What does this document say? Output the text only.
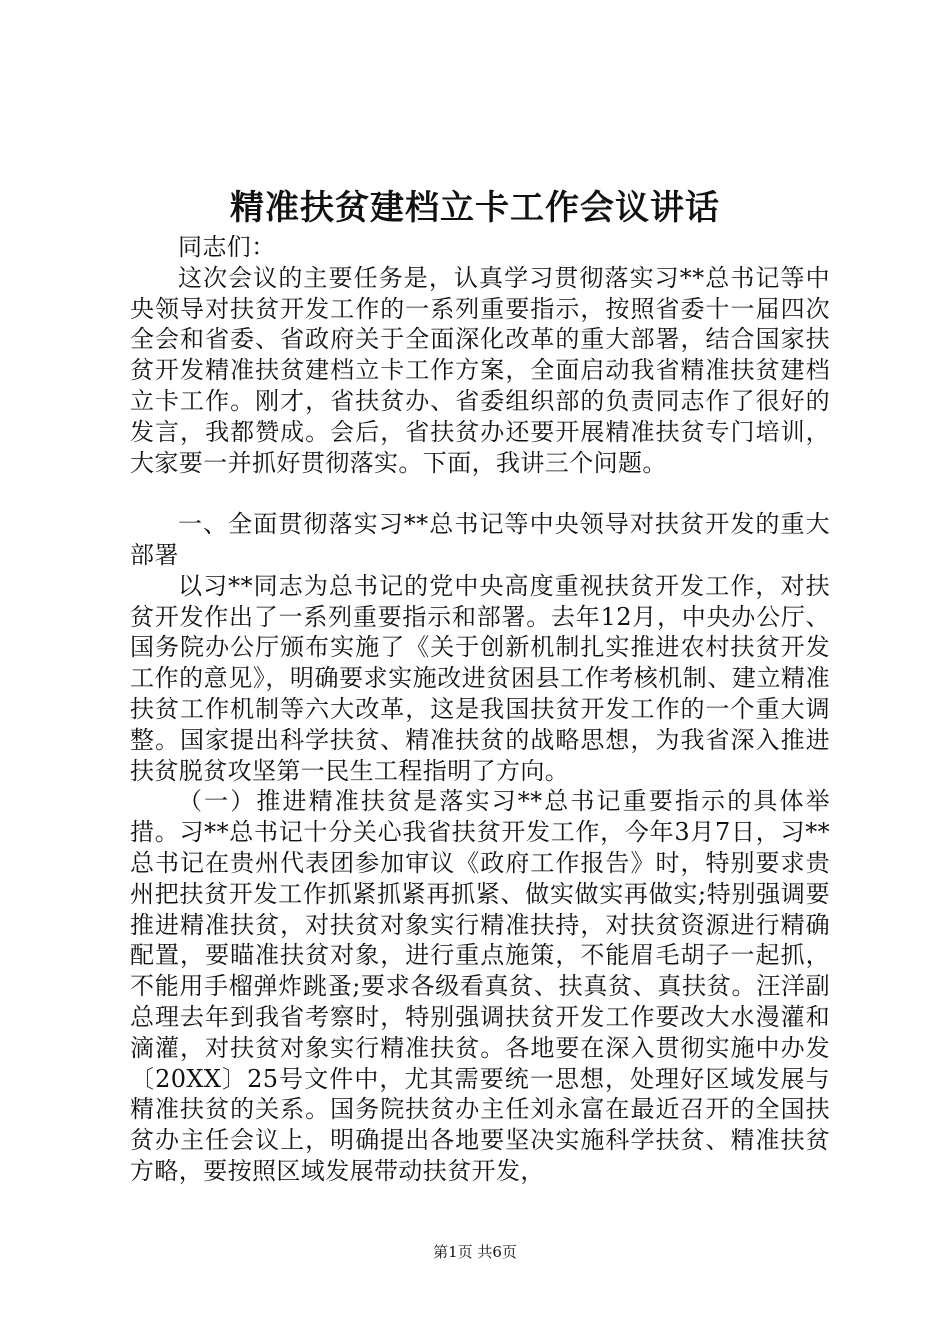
精准扶贫建档立卡工作会议讲话

同志们：

这次会议的主要任务是，认真学习贯彻落实习**总书记等中央领导对扶贫开发工作的一系列重要指示，按照省委十一届四次全会和省委、省政府关于全面深化改革的重大部署，结合国家扶贫开发精准扶贫建档立卡工作方案，全面启动我省精准扶贫建档立卡工作。刚才，省扶贫办、省委组织部的负责同志作了很好的发言，我都赞成。会后，省扶贫办还要开展精准扶贫专门培训，大家要一并抓好贯彻落实。下面，我讲三个问题。

一、全面贯彻落实习**总书记等中央领导对扶贫开发的重大部署

以习**同志为总书记的党中央高度重视扶贫开发工作，对扶贫开发作出了一系列重要指示和部署。去年12月，中央办公厅、国务院办公厅颁布实施了《关于创新机制扎实推进农村扶贫开发工作的意见》，明确要求实施改进贫困县工作考核机制、建立精准扶贫工作机制等六大改革，这是我国扶贫开发工作的一个重大调整。国家提出科学扶贫、精准扶贫的战略思想，为我省深入推进扶贫脱贫攻坚第一民生工程指明了方向。

（一）推进精准扶贫是落实习**总书记重要指示的具体举措。习**总书记十分关心我省扶贫开发工作，今年3月7日，习**总书记在贵州代表团参加审议《政府工作报告》时，特别要求贵州把扶贫开发工作抓紧抓紧再抓紧、做实做实再做实;特别强调要推进精准扶贫，对扶贫对象实行精准扶持，对扶贫资源进行精确配置，要瞄准扶贫对象，进行重点施策，不能眉毛胡子一起抓，不能用手榴弹炸跳蚤;要求各级看真贫、扶真贫、真扶贫。汪洋副总理去年到我省考察时，特别强调扶贫开发工作要改大水漫灌和滴灌，对扶贫对象实行精准扶贫。各地要在深入贯彻实施中办发〔20XX〕25号文件中，尤其需要统一思想，处理好区域发展与精准扶贫的关系。国务院扶贫办主任刘永富在最近召开的全国扶贫办主任会议上，明确提出各地要坚决实施科学扶贫、精准扶贫方略，要按照区域发展带动扶贫开发，

第1页 共6页
